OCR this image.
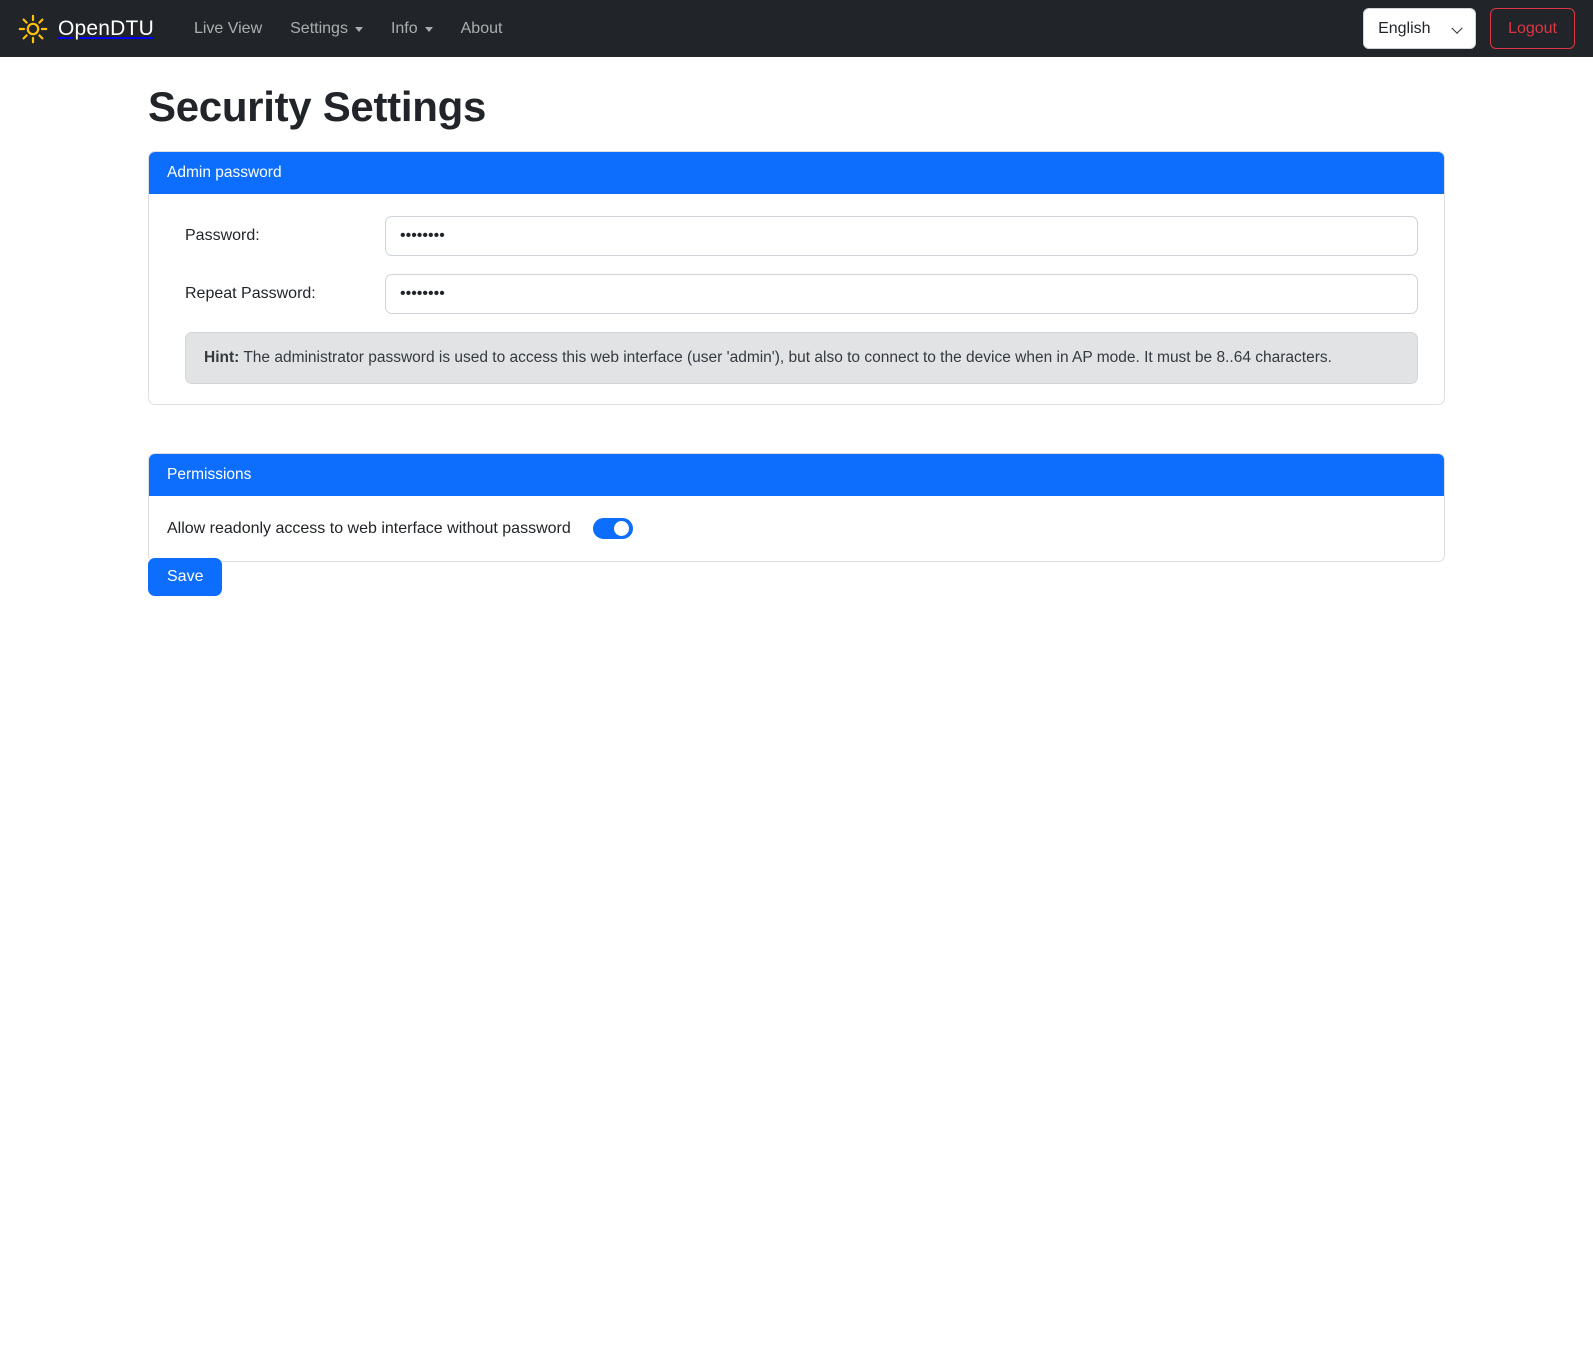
OpenDTU	Live View Settings	Info	About
English	Logout
Security Settings
Admin password
Password:
Repeat Password:
Hint: The administrator password is used to access this web interface (user 'admin'), but also to connect to the device when in AP mode. It must be 8..64 characters.
Permissions
Allow readonly access to web interface without password
Save
